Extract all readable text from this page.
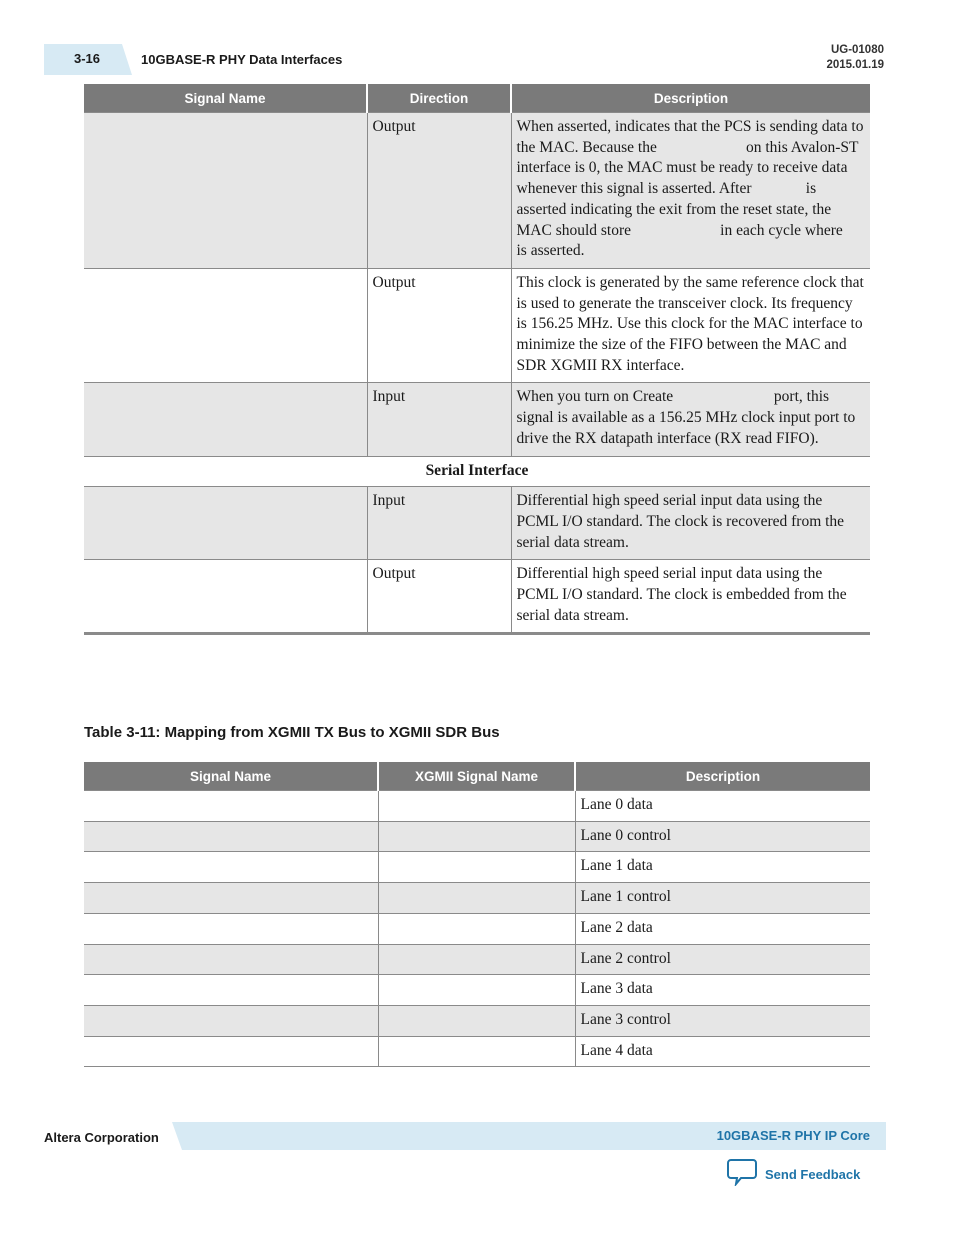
3-16	10GBASE-R PHY Data Interfaces
UG-01080
2015.01.19
Signal Name	Direction	Description
	Output	When asserted, indicates that the PCS is sending data to the MAC. Because the                       on this Avalon-ST interface is 0, the MAC must be ready to receive data whenever this signal is asserted. After              is asserted indicating the exit from the reset state, the MAC should store                       in each cycle where              is asserted.
	Output	This clock is generated by the same reference clock that is used to generate the transceiver clock. Its frequency is 156.25 MHz. Use this clock for the MAC interface to minimize the size of the FIFO between the MAC and SDR XGMII RX interface.
	Input	When you turn on Create                          port, this signal is available as a 156.25 MHz clock input port to drive the RX datapath interface (RX read FIFO).
Serial Interface		
	Input	Differential high speed serial input data using the PCML I/O standard. The clock is recovered from the serial data stream.
	Output	Differential high speed serial input data using the PCML I/O standard. The clock is embedded from the serial data stream.
Table 3-11: Mapping from XGMII TX Bus to XGMII SDR Bus
Signal Name	XGMII Signal Name	Description
		Lane 0 data
		Lane 0 control
		Lane 1 data
		Lane 1 control
		Lane 2 data
		Lane 2 control
		Lane 3 data
		Lane 3 control
		Lane 4 data
Altera Corporation	10GBASE-R PHY IP Core
Send Feedback
